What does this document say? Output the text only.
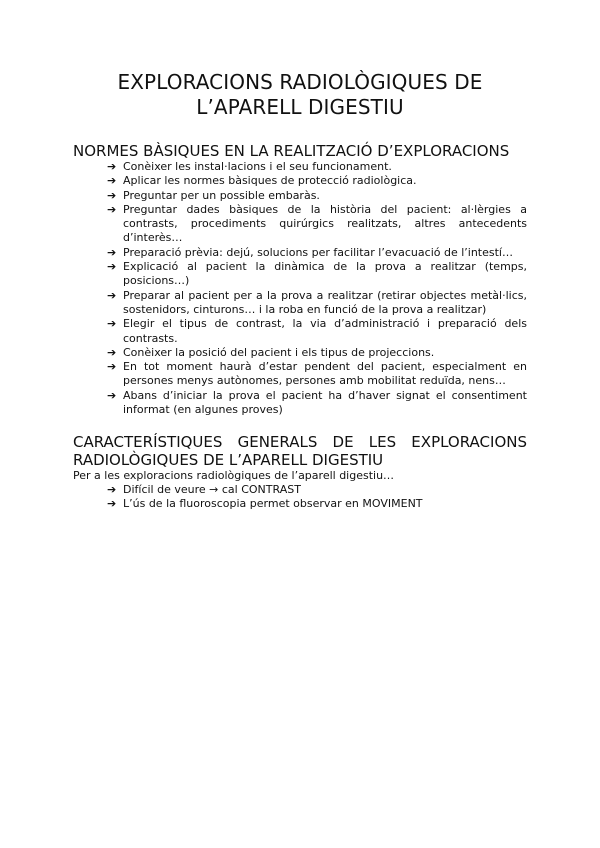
EXPLORACIONS RADIOLÒGIQUES DE
L’APARELL DIGESTIU
NORMES BÀSIQUES EN LA REALITZACIÓ D’EXPLORACIONS
➔ Conèixer les instal·lacions i el seu funcionament.
➔ Aplicar les normes bàsiques de protecció radiològica.
➔ Preguntar per un possible embaràs.
➔ Preguntar dades bàsiques de la història del pacient: al·lèrgies a contrasts, procediments quirúrgics realitzats, altres antecedents d’interès…
➔ Preparació prèvia: dejú, solucions per facilitar l’evacuació de l’intestí…
➔ Explicació al pacient la dinàmica de la prova a realitzar (temps, posicions…)
➔ Preparar al pacient per a la prova a realitzar (retirar objectes metàl·lics, sostenidors, cinturons… i la roba en funció de la prova a realitzar)
➔ Elegir el tipus de contrast, la via d’administració i preparació dels contrasts.
➔ Conèixer la posició del pacient i els tipus de projeccions.
➔ En tot moment haurà d’estar pendent del pacient, especialment en persones menys autònomes, persones amb mobilitat reduïda, nens…
➔ Abans d’iniciar la prova el pacient ha d’haver signat el consentiment informat (en algunes proves)
CARACTERÍSTIQUES GENERALS DE LES EXPLORACIONS RADIOLÒGIQUES DE L’APARELL DIGESTIU

Per a les exploracions radiològiques de l’aparell digestiu…

➔ Difícil de veure → cal CONTRAST
➔ L’ús de la fluoroscopia permet observar en MOVIMENT
